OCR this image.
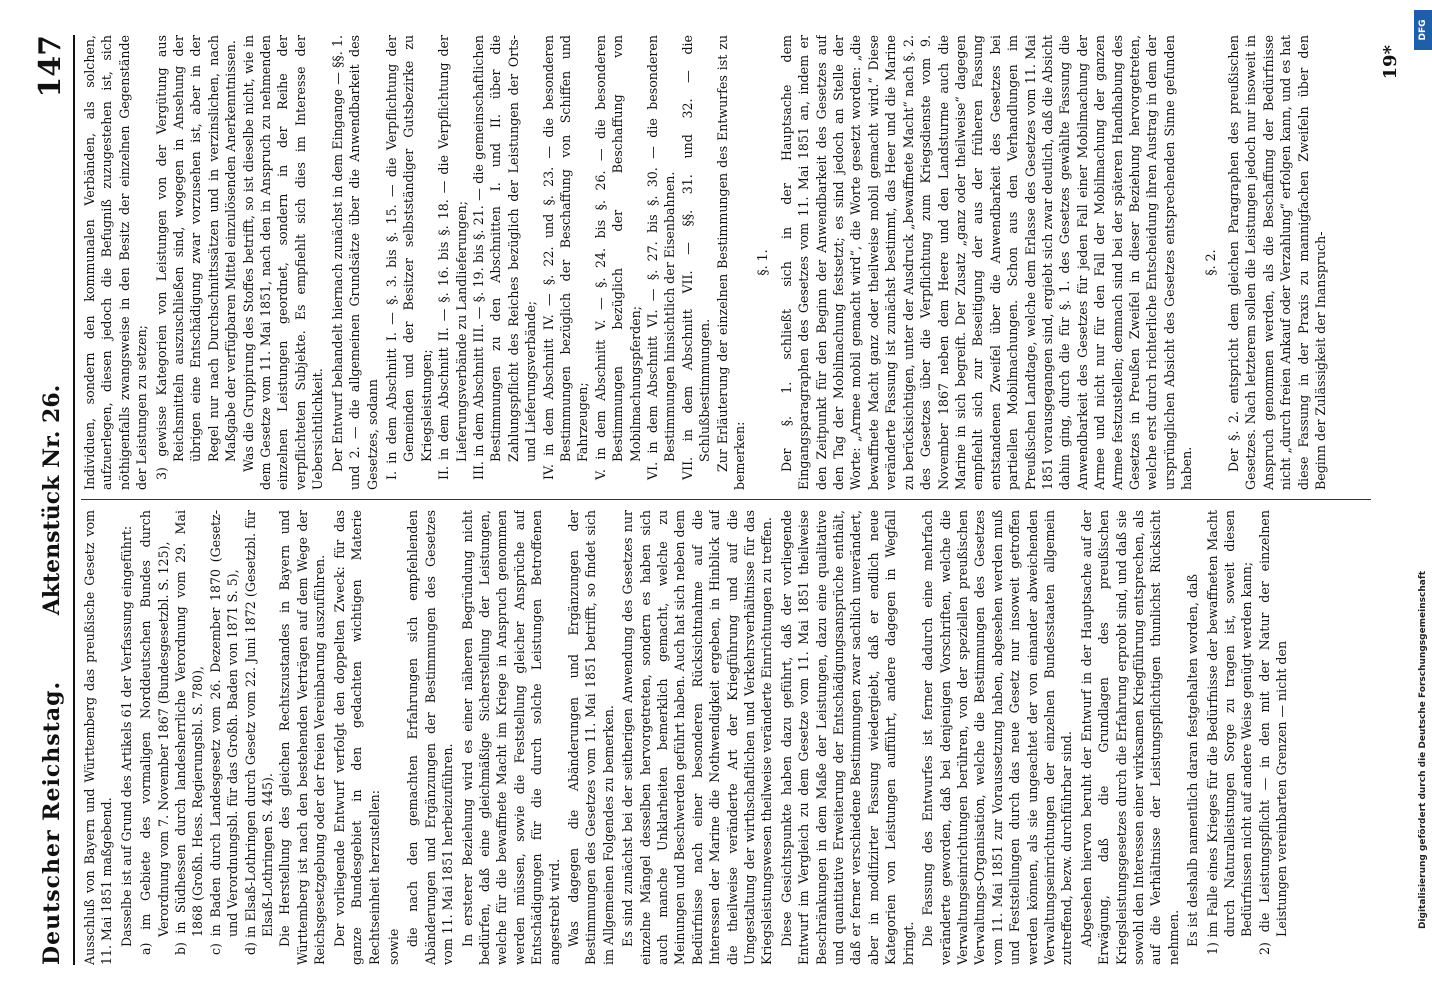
Deutscher Reichstag.
Aktenstück Nr. 26.
147

Ausschluß von Bayern und Württemberg das preußische Gesetz vom 11. Mai 1851 maßgebend. Dasselbe ist auf Grund des Artikels 61 der Verfassung eingeführt: a) im Gebiete des vormaligen Norddeutschen Bundes durch Verordnung vom 7. November 1867 (Bundesgesetzbl. S. 125), b) in Südhessen durch landesherrliche Verordnung vom 29. Mai 1868 (Großh. Hess. Regierungsbl. S. 780), c) in Baden durch Landesgesetz vom 26. Dezember 1870 (Gesetz- und Verordnungsbl. für das Großh. Baden von 1871 S. 5), d) in Elsaß-Lothringen durch Gesetz vom 22. Juni 1872 (Gesetzbl. für Elsaß-Lothringen S. 445). Die Herstellung des gleichen Rechtszustandes in Bayern und Württemberg ist nach den bestehenden Verträgen auf dem Wege der Reichsgesetzgebung oder der freien Vereinbarung auszuführen. Der vorliegende Entwurf verfolgt den doppelten Zweck: für das ganze Bundesgebiet in den gedachten wichtigen Materie Rechtseinheit herzustellen: sowie die nach den gemachten Erfahrungen sich empfehlenden Abänderungen und Ergänzungen der Bestimmungen des Gesetzes vom 11. Mai 1851 herbeizuführen. In ersterer Beziehung wird es einer näheren Begründung nicht bedürfen, daß eine gleichmäßige Sicherstellung der Leistungen, welche für die bewaffnete Macht im Kriege in Anspruch genommen werden müssen, sowie die Feststellung gleicher Ansprüche auf Entschädigungen für die durch solche Leistungen Betroffenen angestrebt wird. Was dagegen die Abänderungen und Ergänzungen der Bestimmungen des Gesetzes vom 11. Mai 1851 betrifft, so findet sich im Allgemeinen Folgendes zu bemerken. Es sind zunächst bei der seitherigen Anwendung des Gesetzes nur einzelne Mängel desselben hervorgetreten, sondern es haben sich auch manche Unklarheiten bemerklich gemacht, welche zu Meinungen und Beschwerden geführt haben. Auch hat sich neben dem Bedürfnisse nach einer besonderen Rücksichtnahme auf die Interessen der Marine die Nothwendigkeit ergeben, in Hinblick auf die theilweise veränderte Art der Kriegführung und auf die Umgestaltung der wirthschaftlichen und Verkehrsverhältnisse für das Kriegsleistungswesen theilweise veränderte Einrichtungen zu treffen. Diese Gesichtspunkte haben dazu geführt, daß der vorliegende Entwurf im Vergleich zu dem Gesetze vom 11. Mai 1851 theilweise Beschränkungen in dem Maße der Leistungen, dazu eine qualitative und quantitative Erweiterung der Entschädigungsansprüche enthält, daß er ferner verschiedene Bestimmungen zwar sachlich unverändert, aber in modifizirter Fassung wiedergiebt, daß er endlich neue Kategorien von Leistungen aufführt, andere dagegen in Wegfall bringt. Die Fassung des Entwurfes ist ferner dadurch eine mehrfach veränderte geworden, daß bei denjenigen Vorschriften, welche die Verwaltungseinrichtungen berühren, von der speziellen preußischen Verwaltungs-Organisation, welche die Bestimmungen des Gesetzes vom 11. Mai 1851 zur Voraussetzung haben, abgesehen werden muß und Feststellungen durch das neue Gesetz nur insoweit getroffen werden können, als sie ungeachtet der von einander abweichenden Verwaltungseinrichtungen der einzelnen Bundesstaaten allgemein zutreffend, bezw. durchführbar sind. Abgesehen hiervon beruht der Entwurf in der Hauptsache auf der Erwägung, daß die Grundlagen des preußischen Kriegsleistungsgesetzes durch die Erfahrung erprobt sind, und daß sie sowohl den Interessen einer wirksamen Kriegführung entsprechen, als auf die Verhältnisse der Leistungspflichtigen thunlichst Rücksicht nehmen. Es ist deshalb namentlich daran festgehalten worden, daß 1) im Falle eines Krieges für die Bedürfnisse der bewaffneten Macht durch Naturalleistungen Sorge zu tragen ist, soweit diesen Bedürfnissen nicht auf andere Weise genügt werden kann; 2) die Leistungspflicht — in den mit der Natur der einzelnen Leistungen vereinbarten Grenzen — nicht den

Individuen, sondern den kommunalen Verbänden, als solchen, aufzuerlegen, diesen jedoch die Befugniß zuzugestehen ist, sich nöthigenfalls zwangsweise in den Besitz der einzelnen Gegenstände der Leistungen zu setzen; 3) gewisse Kategorien von Leistungen von der Vergütung aus Reichsmitteln auszuschließen sind, wogegen in Ansehung der übrigen eine Entschädigung zwar vorzusehen ist, aber in der Regel nur nach Durchschnittssätzen und in verzinslichen, nach Maßgabe der verfügbaren Mittel einzulösenden Anerkenntnissen. Was die Gruppirung des Stoffes betrifft, so ist dieselbe nicht, wie in dem Gesetze vom 11. Mai 1851, nach den in Anspruch zu nehmenden einzelnen Leistungen geordnet, sondern in der Reihe der verpflichteten Subjekte. Es empfiehlt sich dies im Interesse der Uebersichtlichkeit. Der Entwurf behandelt hiernach zunächst in dem Eingange — §§. 1. und 2. — die allgemeinen Grundsätze über die Anwendbarkeit des Gesetzes, sodann I. in dem Abschnitt I. — §. 3. bis §. 15. — die Verpflichtung der Gemeinden und der Besitzer selbstständiger Gutsbezirke zu Kriegsleistungen; II. in dem Abschnitt II. — §. 16. bis §. 18. — die Verpflichtung der Lieferungsverbände zu Landlieferungen; III. in dem Abschnitt III. — §. 19. bis §. 21. — die gemeinschaftlichen Bestimmungen zu den Abschnitten I. und II. über die Zahlungspflicht des Reiches bezüglich der Leistungen der Orts- und Lieferungsverbände; IV. in dem Abschnitt IV. — §. 22. und §. 23. — die besonderen Bestimmungen bezüglich der Beschaffung von Schiffen und Fahrzeugen; V. in dem Abschnitt V. — §. 24. bis §. 26. — die besonderen Bestimmungen bezüglich der Beschaffung von Mobilmachungspferden; VI. in dem Abschnitt VI. — §. 27. bis §. 30. — die besonderen Bestimmungen hinsichtlich der Eisenbahnen. VII. in dem Abschnitt VII. — §§. 31. und 32. — die Schlußbestimmungen. Zur Erläuterung der einzelnen Bestimmungen des Entwurfes ist zu bemerken:

§. 1. Der §. 1. schließt sich in der Hauptsache dem Eingangsparagraphen des Gesetzes vom 11. Mai 1851 an, indem er den Zeitpunkt für den Beginn der Anwendbarkeit des Gesetzes auf den Tag der Mobilmachung festsetzt; es sind jedoch an Stelle der Worte: „Armee mobil gemacht wird“, die Worte gesetzt worden: „die bewaffnete Macht ganz oder theilweise mobil gemacht wird.“ Diese veränderte Fassung ist zunächst bestimmt, das Heer und die Marine zu berücksichtigen, unter der Ausdruck „bewaffnete Macht“ nach §. 2. des Gesetzes über die Verpflichtung zum Kriegsdienste vom 9. November 1867 neben dem Heere und den Landsturme auch die Marine in sich begreift. Der Zusatz „ganz oder theilweise“ dagegen empfiehlt sich zur Beseitigung der aus der früheren Fassung entstandenen Zweifel über die Anwendbarkeit des Gesetzes bei partiellen Mobilmachungen. Schon aus den Verhandlungen im Preußischen Landtage, welche dem Erlasse des Gesetzes vom 11. Mai 1851 vorausgegangen sind, ergiebt sich zwar deutlich, daß die Absicht dahin ging, durch die für §. 1. des Gesetzes gewählte Fassung die Anwendbarkeit des Gesetzes für jeden Fall einer Mobilmachung der Armee und nicht nur für den Fall der Mobilmachung der ganzen Armee festzustellen; demnach sind bei der späteren Handhabung des Gesetzes in Preußen Zweifel in dieser Beziehung hervorgetreten, welche erst durch richterliche Entscheidung ihren Austrag in dem der ursprünglichen Absicht des Gesetzes entsprechenden Sinne gefunden haben.

§. 2. Der §. 2. entspricht dem gleichen Paragraphen des preußischen Gesetzes. Nach letzterem sollen die Leistungen jedoch nur insoweit in Anspruch genommen werden, als die Beschaffung der Bedürfnisse nicht „durch freien Ankauf oder Verzahlung“ erfolgen kann, und es hat diese Fassung in der Praxis zu mannigfachen Zweifeln über den Beginn der Zulässigkeit der Inanspruch-

19*
Digitalisierung gefördert durch die Deutsche Forschungsgemeinschaft
DFG
